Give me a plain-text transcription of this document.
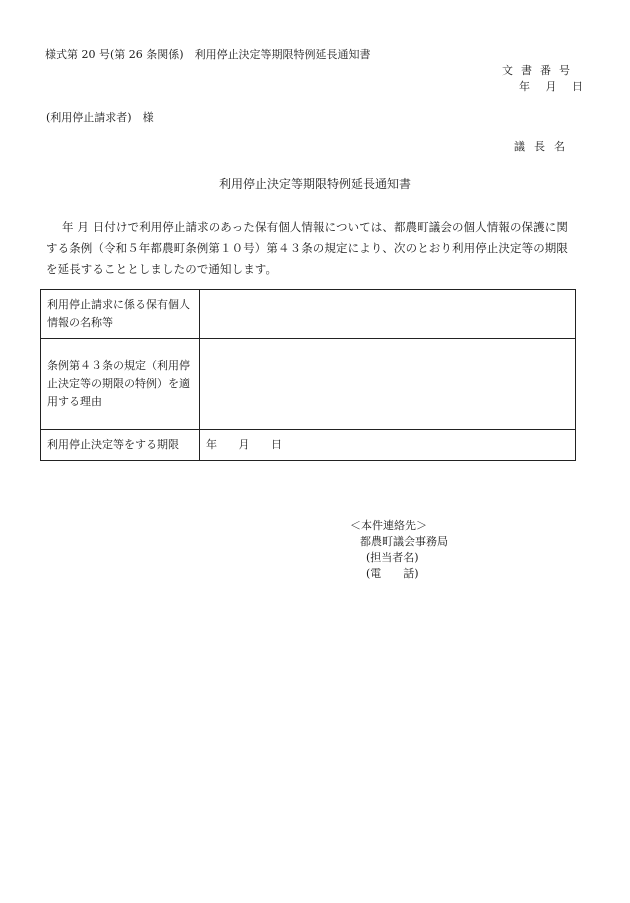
様式第 20 号(第 26 条関係)　利用停止決定等期限特例延長通知書
文書番号
年 月 日
(利用停止請求者)　様
議長名
利用停止決定等期限特例延長通知書
年 月 日付けで利用停止請求のあった保有個人情報については、都農町議会の個人情報の保護に関する条例（令和５年都農町条例第１０号）第４３条の規定により、次のとおり利用停止決定等の期限を延長することとしましたので通知します。
利用停止請求に係る保有個人情報の名称等	
条例第４３条の規定（利用停止決定等の期限の特例）を適用する理由	
利用停止決定等をする期限	年 月 日
＜本件連絡先＞
都農町議会事務局
(担当者名)
(電　　話)
